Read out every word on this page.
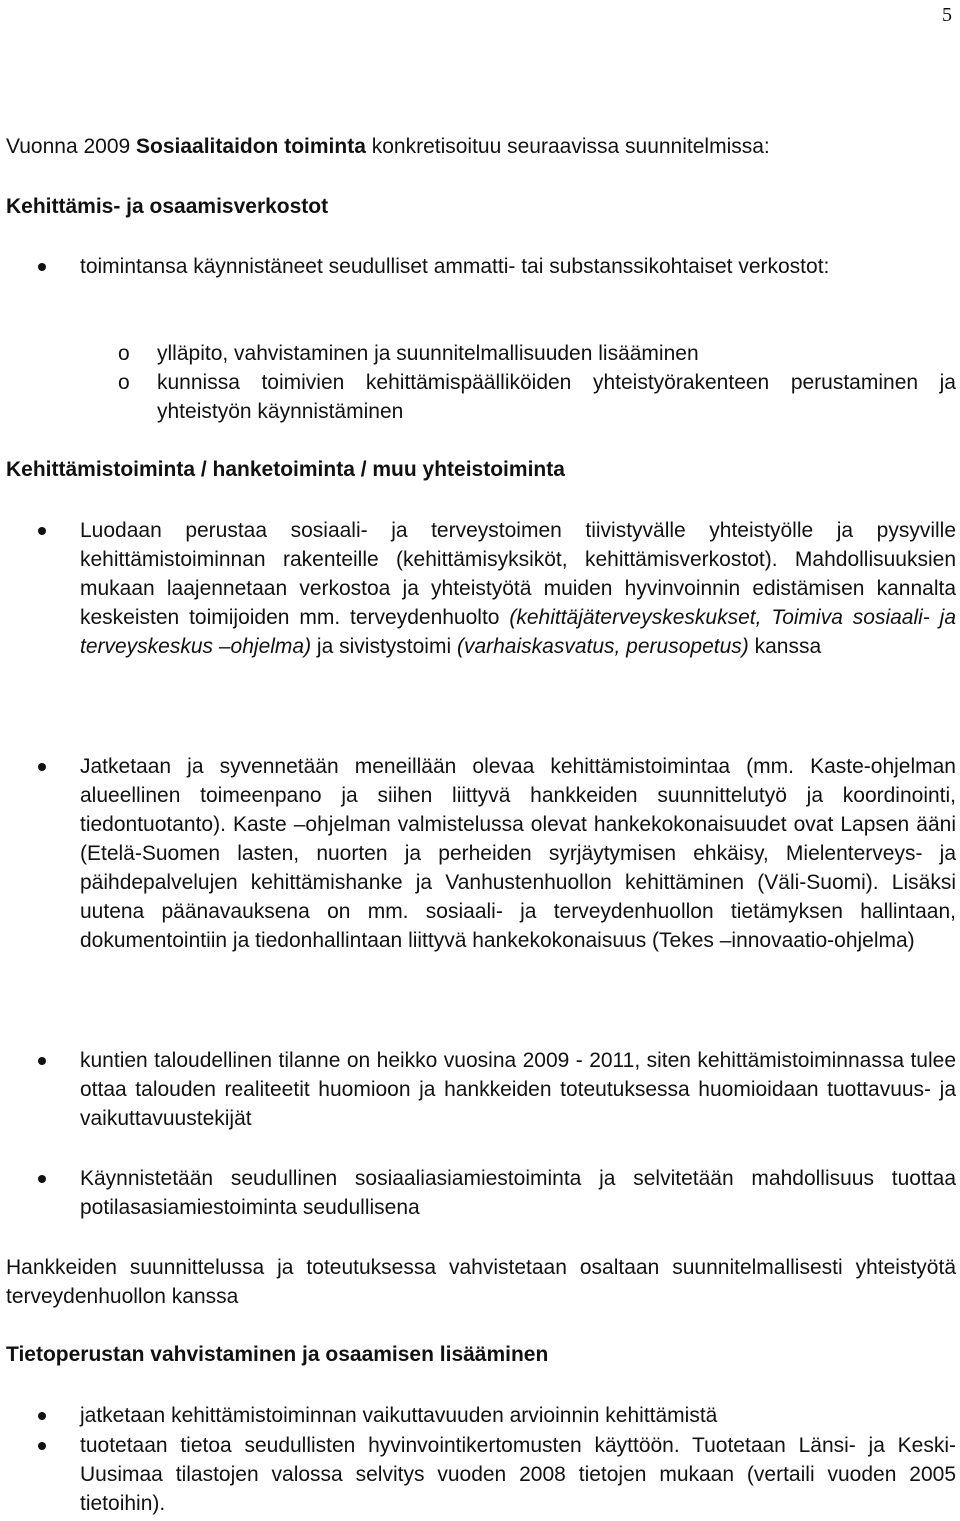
5

Vuonna 2009 Sosiaalitaidon toiminta konkretisoituu seuraavissa suunnitelmissa:

Kehittämis- ja osaamisverkostot

toimintansa käynnistäneet seudulliset ammatti- tai substanssikohtaiset verkostot:
o ylläpito, vahvistaminen ja suunnitelmallisuuden lisääminen
o kunnissa toimivien kehittämispäälliköiden yhteistyörakenteen perustaminen ja yhteistyön käynnistäminen

Kehittämistoiminta / hanketoiminta / muu yhteistoiminta

Luodaan perustaa sosiaali- ja terveystoimen tiivistyvälle yhteistyölle ja pysyville kehittämistoiminnan rakenteille (kehittämisyksiköt, kehittämisverkostot). Mahdollisuuksien mukaan laajennetaan verkostoa ja yhteistyötä muiden hyvinvoinnin edistämisen kannalta keskeisten toimijoiden mm. terveydenhuolto (kehittäjäterveyskeskukset, Toimiva sosiaali- ja terveyskeskus –ohjelma) ja sivistystoimi (varhaiskasvatus, perusopetus) kanssa
Jatketaan ja syvennetään meneillään olevaa kehittämistoimintaa (mm. Kaste-ohjelman alueellinen toimeenpano ja siihen liittyvä hankkeiden suunnittelutyö ja koordinointi, tiedontuotanto). Kaste –ohjelman valmistelussa olevat hankekokonaisuudet ovat Lapsen ääni (Etelä-Suomen lasten, nuorten ja perheiden syrjäytymisen ehkäisy, Mielenterveys- ja päihdepalvelujen kehittämishanke ja Vanhustenhuollon kehittäminen (Väli-Suomi). Lisäksi uutena päänavauksena on mm. sosiaali- ja terveydenhuollon tietämyksen hallintaan, dokumentointiin ja tiedonhallintaan liittyvä hankekokonaisuus (Tekes –innovaatio-ohjelma)
kuntien taloudellinen tilanne on heikko vuosina 2009 - 2011, siten kehittämistoiminnassa tulee ottaa talouden realiteetit huomioon ja hankkeiden toteutuksessa huomioidaan tuottavuus- ja vaikuttavuustekijät
Käynnistetään seudullinen sosiaaliasiamiestoiminta ja selvitetään mahdollisuus tuottaa potilasasiamiestoiminta seudullisena

Hankkeiden suunnittelussa ja toteutuksessa vahvistetaan osaltaan suunnitelmallisesti yhteistyötä terveydenhuollon kanssa

Tietoperustan vahvistaminen ja osaamisen lisääminen

jatketaan kehittämistoiminnan vaikuttavuuden arvioinnin kehittämistä
tuotetaan tietoa seudullisten hyvinvointikertomusten käyttöön. Tuotetaan Länsi- ja Keski-Uusimaa tilastojen valossa selvitys vuoden 2008 tietojen mukaan (vertaili vuoden 2005 tietoihin).
